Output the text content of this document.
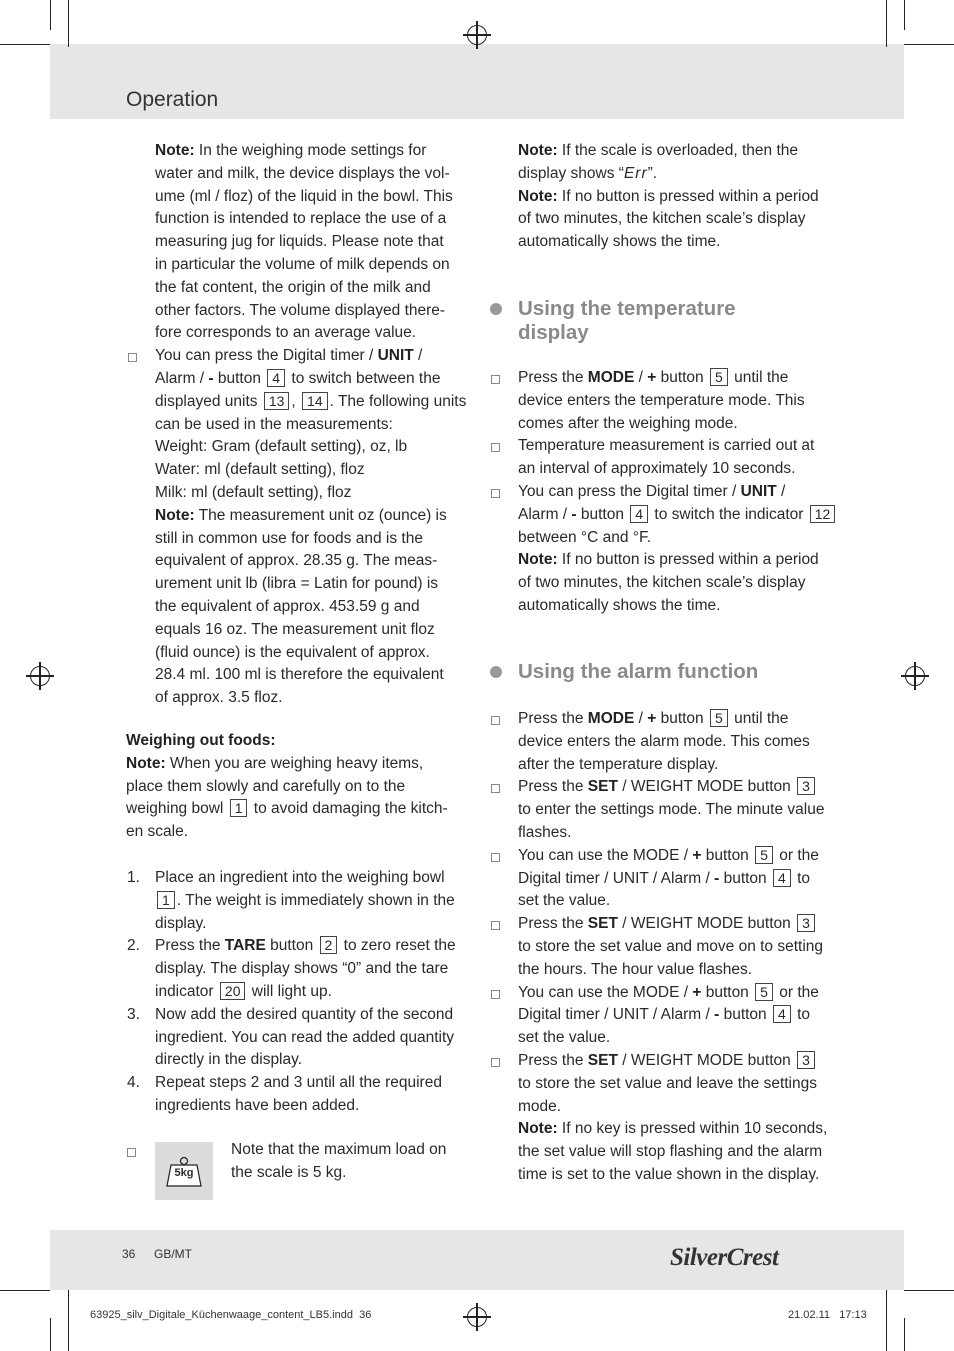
Operation

Note: In the weighing mode settings for

water and milk, the device displays the vol-

ume (ml / floz) of the liquid in the bowl. This

function is intended to replace the use of a

measuring jug for liquids. Please note that

in particular the volume of milk depends on

the fat content, the origin of the milk and

other factors. The volume displayed there-

fore corresponds to an average value.

You can press the Digital timer / UNIT /

Alarm / - button 4 to switch between the

displayed units 13 , 14 . The following units

can be used in the measurements:

Weight: Gram (default setting), oz, lb

Water: ml (default setting), floz

Milk: ml (default setting), floz

Note: The measurement unit oz (ounce) is

still in common use for foods and is the

equivalent of approx. 28.35 g. The meas-

urement unit lb (libra = Latin for pound) is

the equivalent of approx. 453.59 g and

equals 16 oz. The measurement unit floz

(fluid ounce) is the equivalent of approx.

28.4 ml. 100 ml is therefore the equivalent

of approx. 3.5 floz.

Weighing out foods:

Note: When you are weighing heavy items,

place them slowly and carefully on to the

weighing bowl 1 to avoid damaging the kitch-

en scale.

1. Place an ingredient into the weighing bowl

1 . The weight is immediately shown in the

display.

2. Press the TARE button 2 to zero reset the

display. The display shows “0” and the tare

indicator 20 will light up.

3. Now add the desired quantity of the second

ingredient. You can read the added quantity

directly in the display.

4. Repeat steps 2 and 3 until all the required

ingredients have been added.

5kg

Note that the maximum load on

the scale is 5 kg.

Note: If the scale is overloaded, then the

display shows “Err”.

Note: If no button is pressed within a period

of two minutes, the kitchen scale’s display

automatically shows the time.

Using the temperature
display

Press the MODE / + button 5 until the

device enters the temperature mode. This

comes after the weighing mode.

Temperature measurement is carried out at

an interval of approximately 10 seconds.

You can press the Digital timer / UNIT /

Alarm / - button 4 to switch the indicator 12

between °C and °F.

Note: If no button is pressed within a period

of two minutes, the kitchen scale’s display

automatically shows the time.

Using the alarm function

Press the MODE / + button 5 until the

device enters the alarm mode. This comes

after the temperature display.

Press the SET / WEIGHT MODE button 3

to enter the settings mode. The minute value

flashes.

You can use the MODE / + button 5 or the

Digital timer / UNIT / Alarm / - button 4 to

set the value.

Press the SET / WEIGHT MODE button 3

to store the set value and move on to setting

the hours. The hour value flashes.

You can use the MODE / + button 5 or the

Digital timer / UNIT / Alarm / - button 4 to

set the value.

Press the SET / WEIGHT MODE button 3

to store the set value and leave the settings

mode.

Note: If no key is pressed within 10 seconds,

the set value will stop flashing and the alarm

time is set to the value shown in the display.

36 GB/MT	SilverCrest
63925_silv_Digitale_Küchenwaage_content_LB5.indd 36	21.02.11 17:13
